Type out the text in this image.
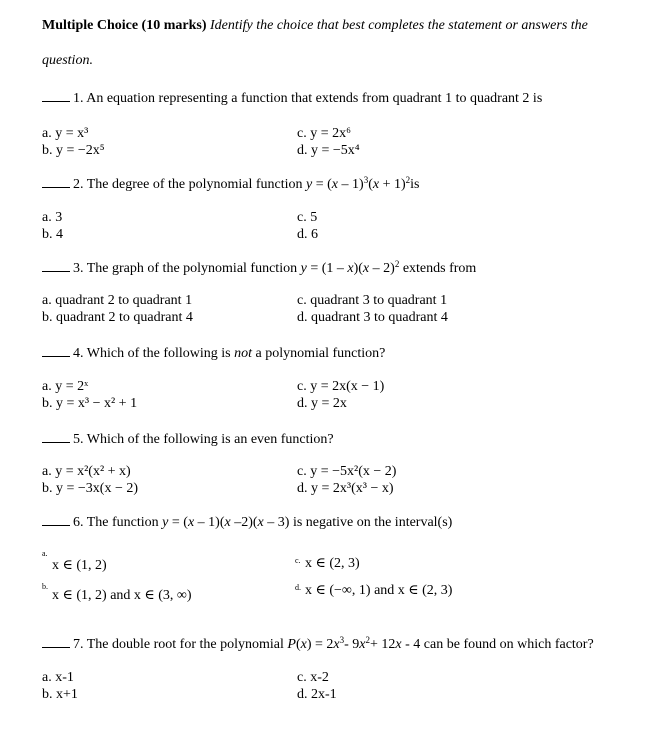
Multiple Choice (10 marks) Identify the choice that best completes the statement or answers the
question.
1. An equation representing a function that extends from quadrant 1 to quadrant 2 is
a. y = x³
b. y = −2x⁵
c. y = 2x⁶
d. y = −5x⁴
2. The degree of the polynomial function $y = (x - 1)^3(x + 1)^2is$
a. 3
b. 4
c. 5
d. 6
3. The graph of the polynomial function y = (1 – x)(x – 2)$^2$ extends from
a. quadrant 2 to quadrant 1
b. quadrant 2 to quadrant 4
c. quadrant 3 to quadrant 1
d. quadrant 3 to quadrant 4
4. Which of the following is not a polynomial function?
a. y = 2ˣ
b. y = x³ − x² + 1
c. y = 2x(x − 1)
d. y = 2x
5. Which of the following is an even function?
a. y = x²(x² + x)
b. y = −3x(x − 2)
c. y = −5x²(x − 2)
d. y = 2x³(x³ − x)
6. The function y = (x – 1)(x –2)(x – 3) is negative on the interval(s)
a.
x ∈ (1, 2)
b.
x ∈ (1, 2) and x ∈ (3, ∞)
c. x ∈ (2, 3)
d. x ∈ (−∞, 1) and x ∈ (2, 3)
7. The double root for the polynomial $P(x) = 2x^3-$ $9x^2+ 12x - 4$ can be found on which factor?
a. x-1
b. x+1
c. x-2
d. 2x-1
